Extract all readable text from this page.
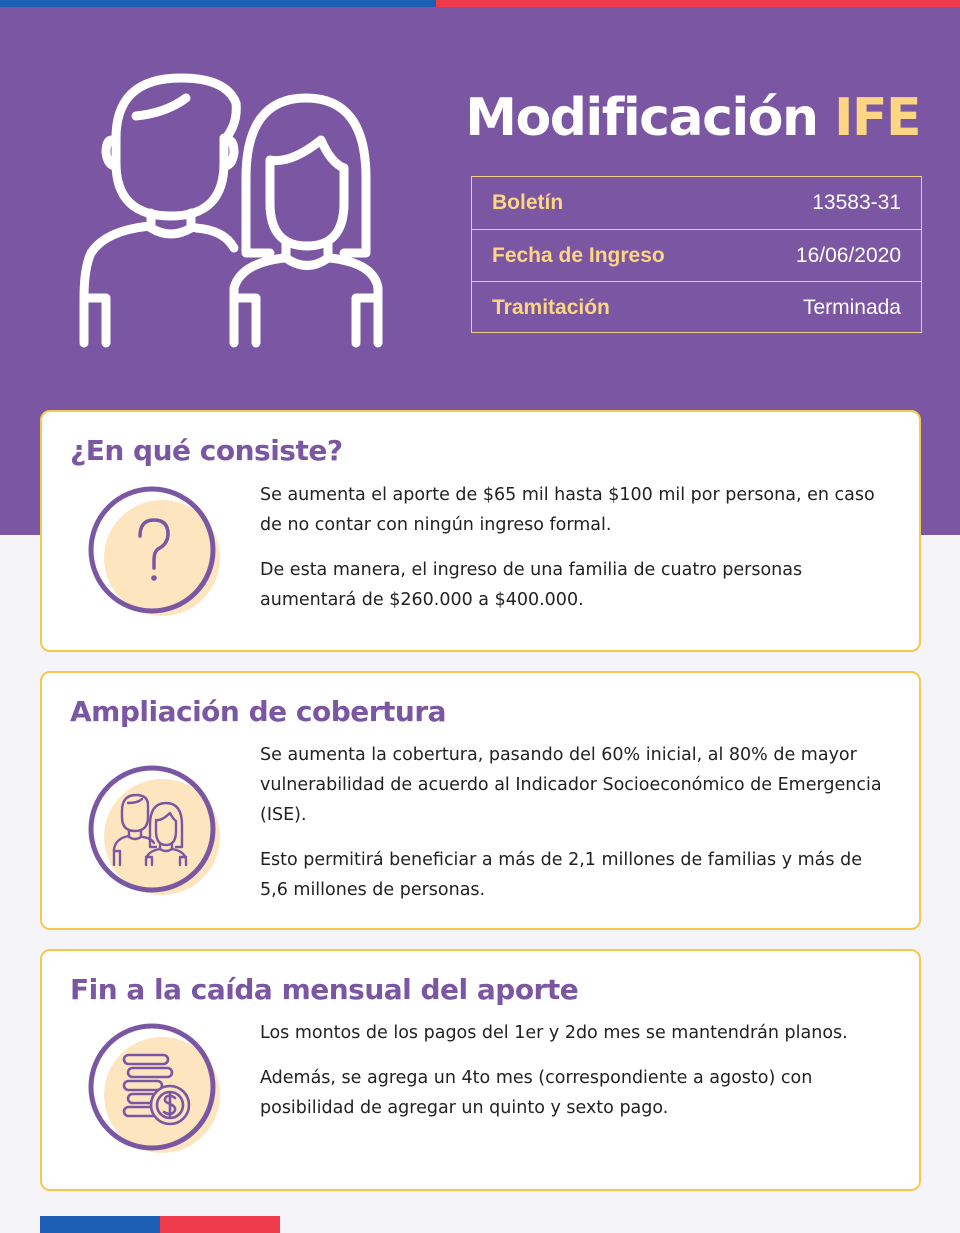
Modificación IFE
Boletín	13583-31
Fecha de Ingreso	16/06/2020
Tramitación	Terminada
¿En qué consiste?

Se aumenta el aporte de $65 mil hasta $100 mil por persona, en caso de no contar con ningún ingreso formal.

De esta manera, el ingreso de una familia de cuatro personas aumentará de $260.000 a $400.000.

Ampliación de cobertura

Se aumenta la cobertura, pasando del 60% inicial, al 80% de mayor vulnerabilidad de acuerdo al Indicador Socioeconómico de Emergencia (ISE).

Esto permitirá beneficiar a más de 2,1 millones de familias y más de 5,6 millones de personas.

Fin a la caída mensual del aporte

Los montos de los pagos del 1er y 2do mes se mantendrán planos.

Además, se agrega un 4to mes (correspondiente a agosto) con posibilidad de agregar un quinto y sexto pago.
